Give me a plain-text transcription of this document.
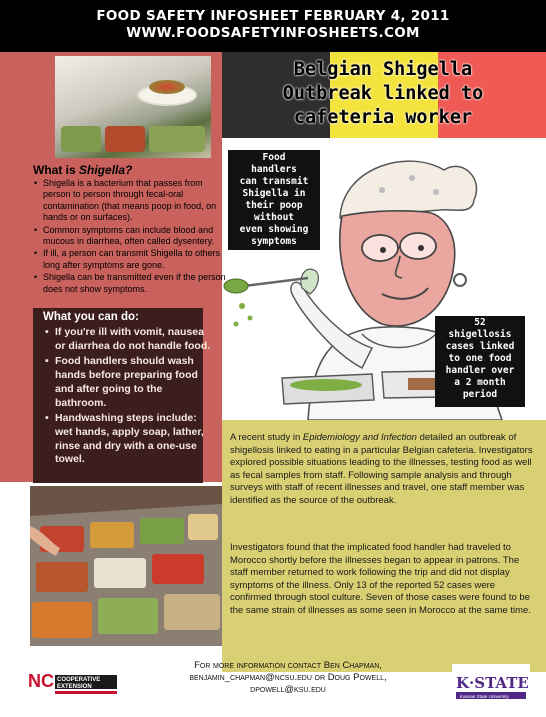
FOOD SAFETY INFOSHEET FEBRUARY 4, 2011
WWW.FOODSAFETYINFOSHEETS.COM
What is Shigella?
• Shigella is a bacterium that passes from person to person through fecal-oral contamination (that means poop in food, on hands or on surfaces).
• Common symptoms can include blood and mucous in diarrhea, often called dysentery.
• If ill, a person can transmit Shigella to others long after symptoms are gone.
• Shigella can be transmitted even if the person does not show symptoms.
What you can do:
• If you're ill with vomit, nausea or diarrhea do not handle food.
• Food handlers should wash hands before preparing food and after going to the bathroom.
• Handwashing steps include: wet hands, apply soap, lather, rinse and dry with a one-use towel.
Belgian Shigella
Outbreak linked to
cafeteria worker
Food
handlers
can transmit
Shigella in
their poop
without
even showing
symptoms
52
shigellosis
cases linked
to one food
handler over
a 2 month
period

A recent study in Epidemiology and Infection detailed an outbreak of shigellosis linked to eating in a particular Belgian cafeteria. Investigators explored possible situations leading to the illnesses, testing food as well as fecal samples from staff. Following sample analysis and through surveys with staff of recent illnesses and travel, one staff member was identified as the source of the outbreak.

Investigators found that the implicated food handler had traveled to Morocco shortly before the illnesses began to appear in patrons. The staff member returned to work following the trip and did not display symptoms of the illness. Only 13 of the reported 52 cases were confirmed through stool culture. Seven of those cases were found to be the same strain of illnesses as some seen in Morocco at the same time.

NC COOPERATIVE
EXTENSION
For more information contact Ben Chapman,
benjamin_chapman@ncsu.edu or Doug Powell,
dpowell@ksu.edu	K·STATE
Kansas State University
